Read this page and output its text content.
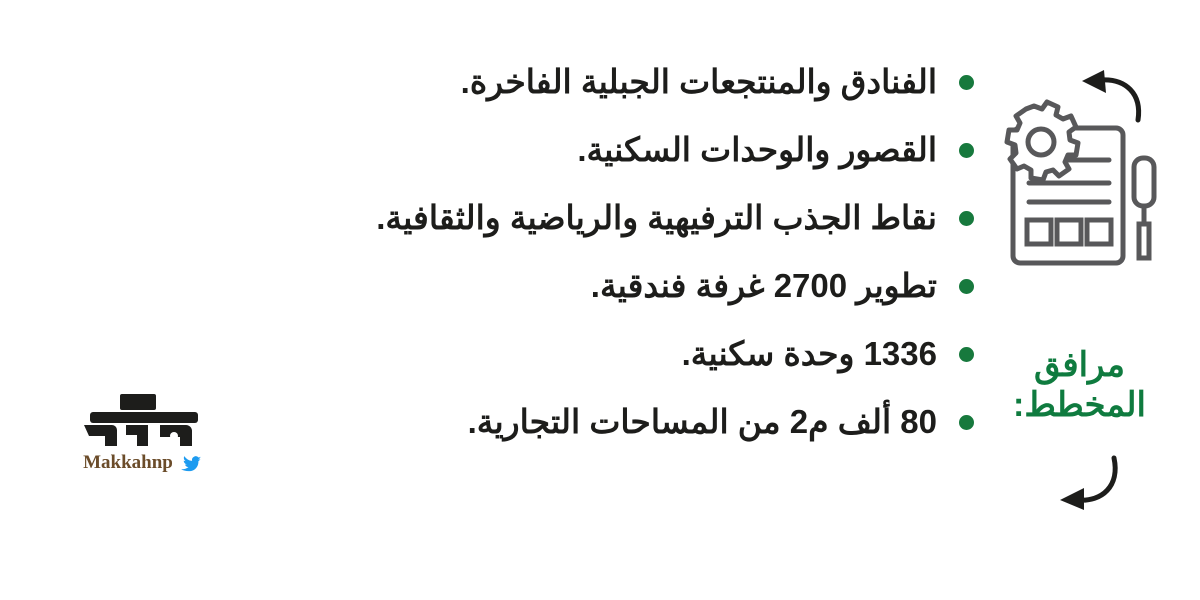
مرافق
المخطط:
الفنادق والمنتجعات الجبلية الفاخرة.
القصور والوحدات السكنية.
نقاط الجذب الترفيهية والرياضية والثقافية.
تطوير 2700 غرفة فندقية.
1336 وحدة سكنية.
80 ألف م2 من المساحات التجارية.
Makkahnp
